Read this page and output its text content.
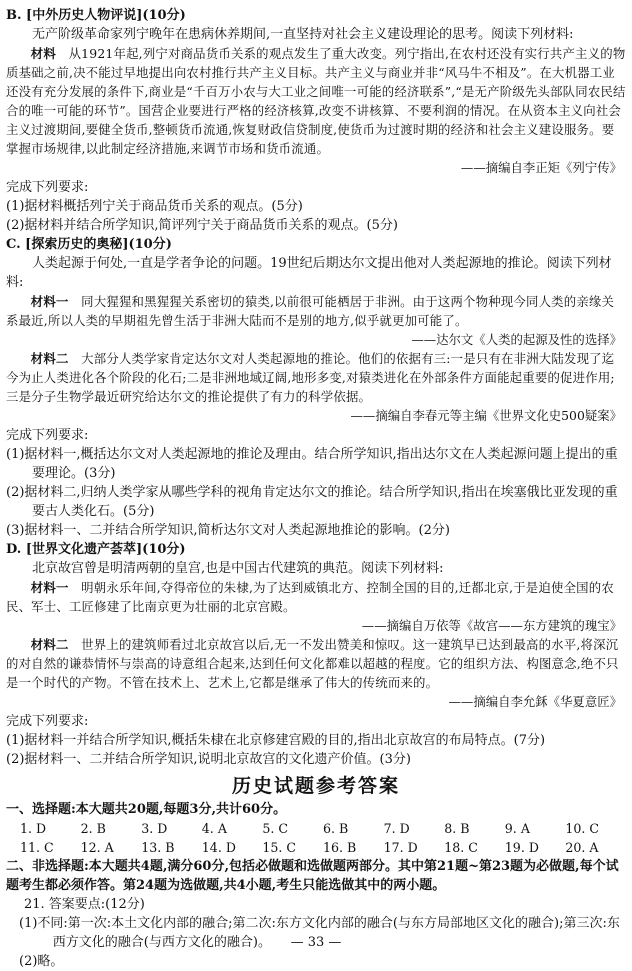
B. [中外历史人物评说](10分)

无产阶级革命家列宁晚年在患病休养期间,一直坚持对社会主义建设理论的思考。阅读下列材料:

材料　 从1921年起,列宁对商品货币关系的观点发生了重大改变。列宁指出,在农村还没有实行共产主义的物质基础之前,决不能过早地提出向农村推行共产主义目标。共产主义与商业并非“风马牛不相及”。在大机器工业还没有充分发展的条件下,商业是“千百万小农与大工业之间唯一可能的经济联系”,“是无产阶级先头部队同农民结合的唯一可能的环节”。国营企业要进行严格的经济核算,改变不讲核算、不要利润的情况。在从资本主义向社会主义过渡期间,要健全货币,整顿货币流通,恢复财政信贷制度,使货币为过渡时期的经济和社会主义建设服务。要掌握市场规律,以此制定经济措施,来调节市场和货币流通。

——摘编自李正矩《列宁传》

完成下列要求:

(1)据材料概括列宁关于商品货币关系的观点。(5分)

(2)据材料并结合所学知识,简评列宁关于商品货币关系的观点。(5分)

C. [探索历史的奥秘](10分)

人类起源于何处,一直是学者争论的问题。19世纪后期达尔文提出他对人类起源地的推论。阅读下列材料:

材料一　 同大猩猩和黑猩猩关系密切的猿类,以前很可能栖居于非洲。由于这两个物种现今同人类的亲缘关系最近,所以人类的早期祖先曾生活于非洲大陆而不是别的地方,似乎就更加可能了。

——达尔文《人类的起源及性的选择》

材料二　 大部分人类学家肯定达尔文对人类起源地的推论。他们的依据有三:一是只有在非洲大陆发现了迄今为止人类进化各个阶段的化石;二是非洲地域辽阔,地形多变,对猿类进化在外部条件方面能起重要的促进作用;三是分子生物学最近研究给达尔文的推论提供了有力的科学依据。

——摘编自李春元等主编《世界文化史500疑案》

完成下列要求:

(1)据材料一,概括达尔文对人类起源地的推论及理由。结合所学知识,指出达尔文在人类起源问题上提出的重要理论。(3分)

(2)据材料二,归纳人类学家从哪些学科的视角肯定达尔文的推论。结合所学知识,指出在埃塞俄比亚发现的重要古人类化石。(5分)

(3)据材料一、二并结合所学知识,简析达尔文对人类起源地推论的影响。(2分)

D. [世界文化遗产荟萃](10分)

北京故宫曾是明清两朝的皇宫,也是中国古代建筑的典范。阅读下列材料:

材料一　 明朝永乐年间,夺得帝位的朱棣,为了达到威镇北方、控制全国的目的,迁都北京,于是迫使全国的农民、军士、工匠修建了比南京更为壮丽的北京宫殿。

——摘编自万依等《故宫——东方建筑的瑰宝》

材料二　 世界上的建筑师看过北京故宫以后,无一不发出赞美和惊叹。这一建筑早已达到最高的水平,将深沉的对自然的谦恭情怀与崇高的诗意组合起来,达到任何文化都难以超越的程度。它的组织方法、构图意念,绝不只是一个时代的产物。不管在技术上、艺术上,它都是继承了伟大的传统而来的。

——摘编自李允鉌《华夏意匠》

完成下列要求:

(1)据材料一并结合所学知识,概括朱棣在北京修建宫殿的目的,指出北京故宫的布局特点。(7分)

(2)据材料一、二并结合所学知识,说明北京故宫的文化遗产价值。(3分)

历史试题参考答案

一、选择题:本大题共20题,每题3分,共计60分。

1. D	2. B	3. D	4. A	5. C	6. B	7. D	8. B	9. A	10. C
11. C	12. A	13. B	14. D	15. C	16. B	17. D	18. C	19. D	20. A

二、非选择题:本大题共4题,满分60分,包括必做题和选做题两部分。其中第21题~第23题为必做题,每个试题考生都必须作答。第24题为选做题,共4小题,考生只能选做其中的两小题。

21. 答案要点:(12分)

(1)不同:第一次:本土文化内部的融合;第二次:东方文化内部的融合(与东方局部地区文化的融合);第三次:东西方文化的融合(与西方文化的融合)。

(2)略。

— 33 —
